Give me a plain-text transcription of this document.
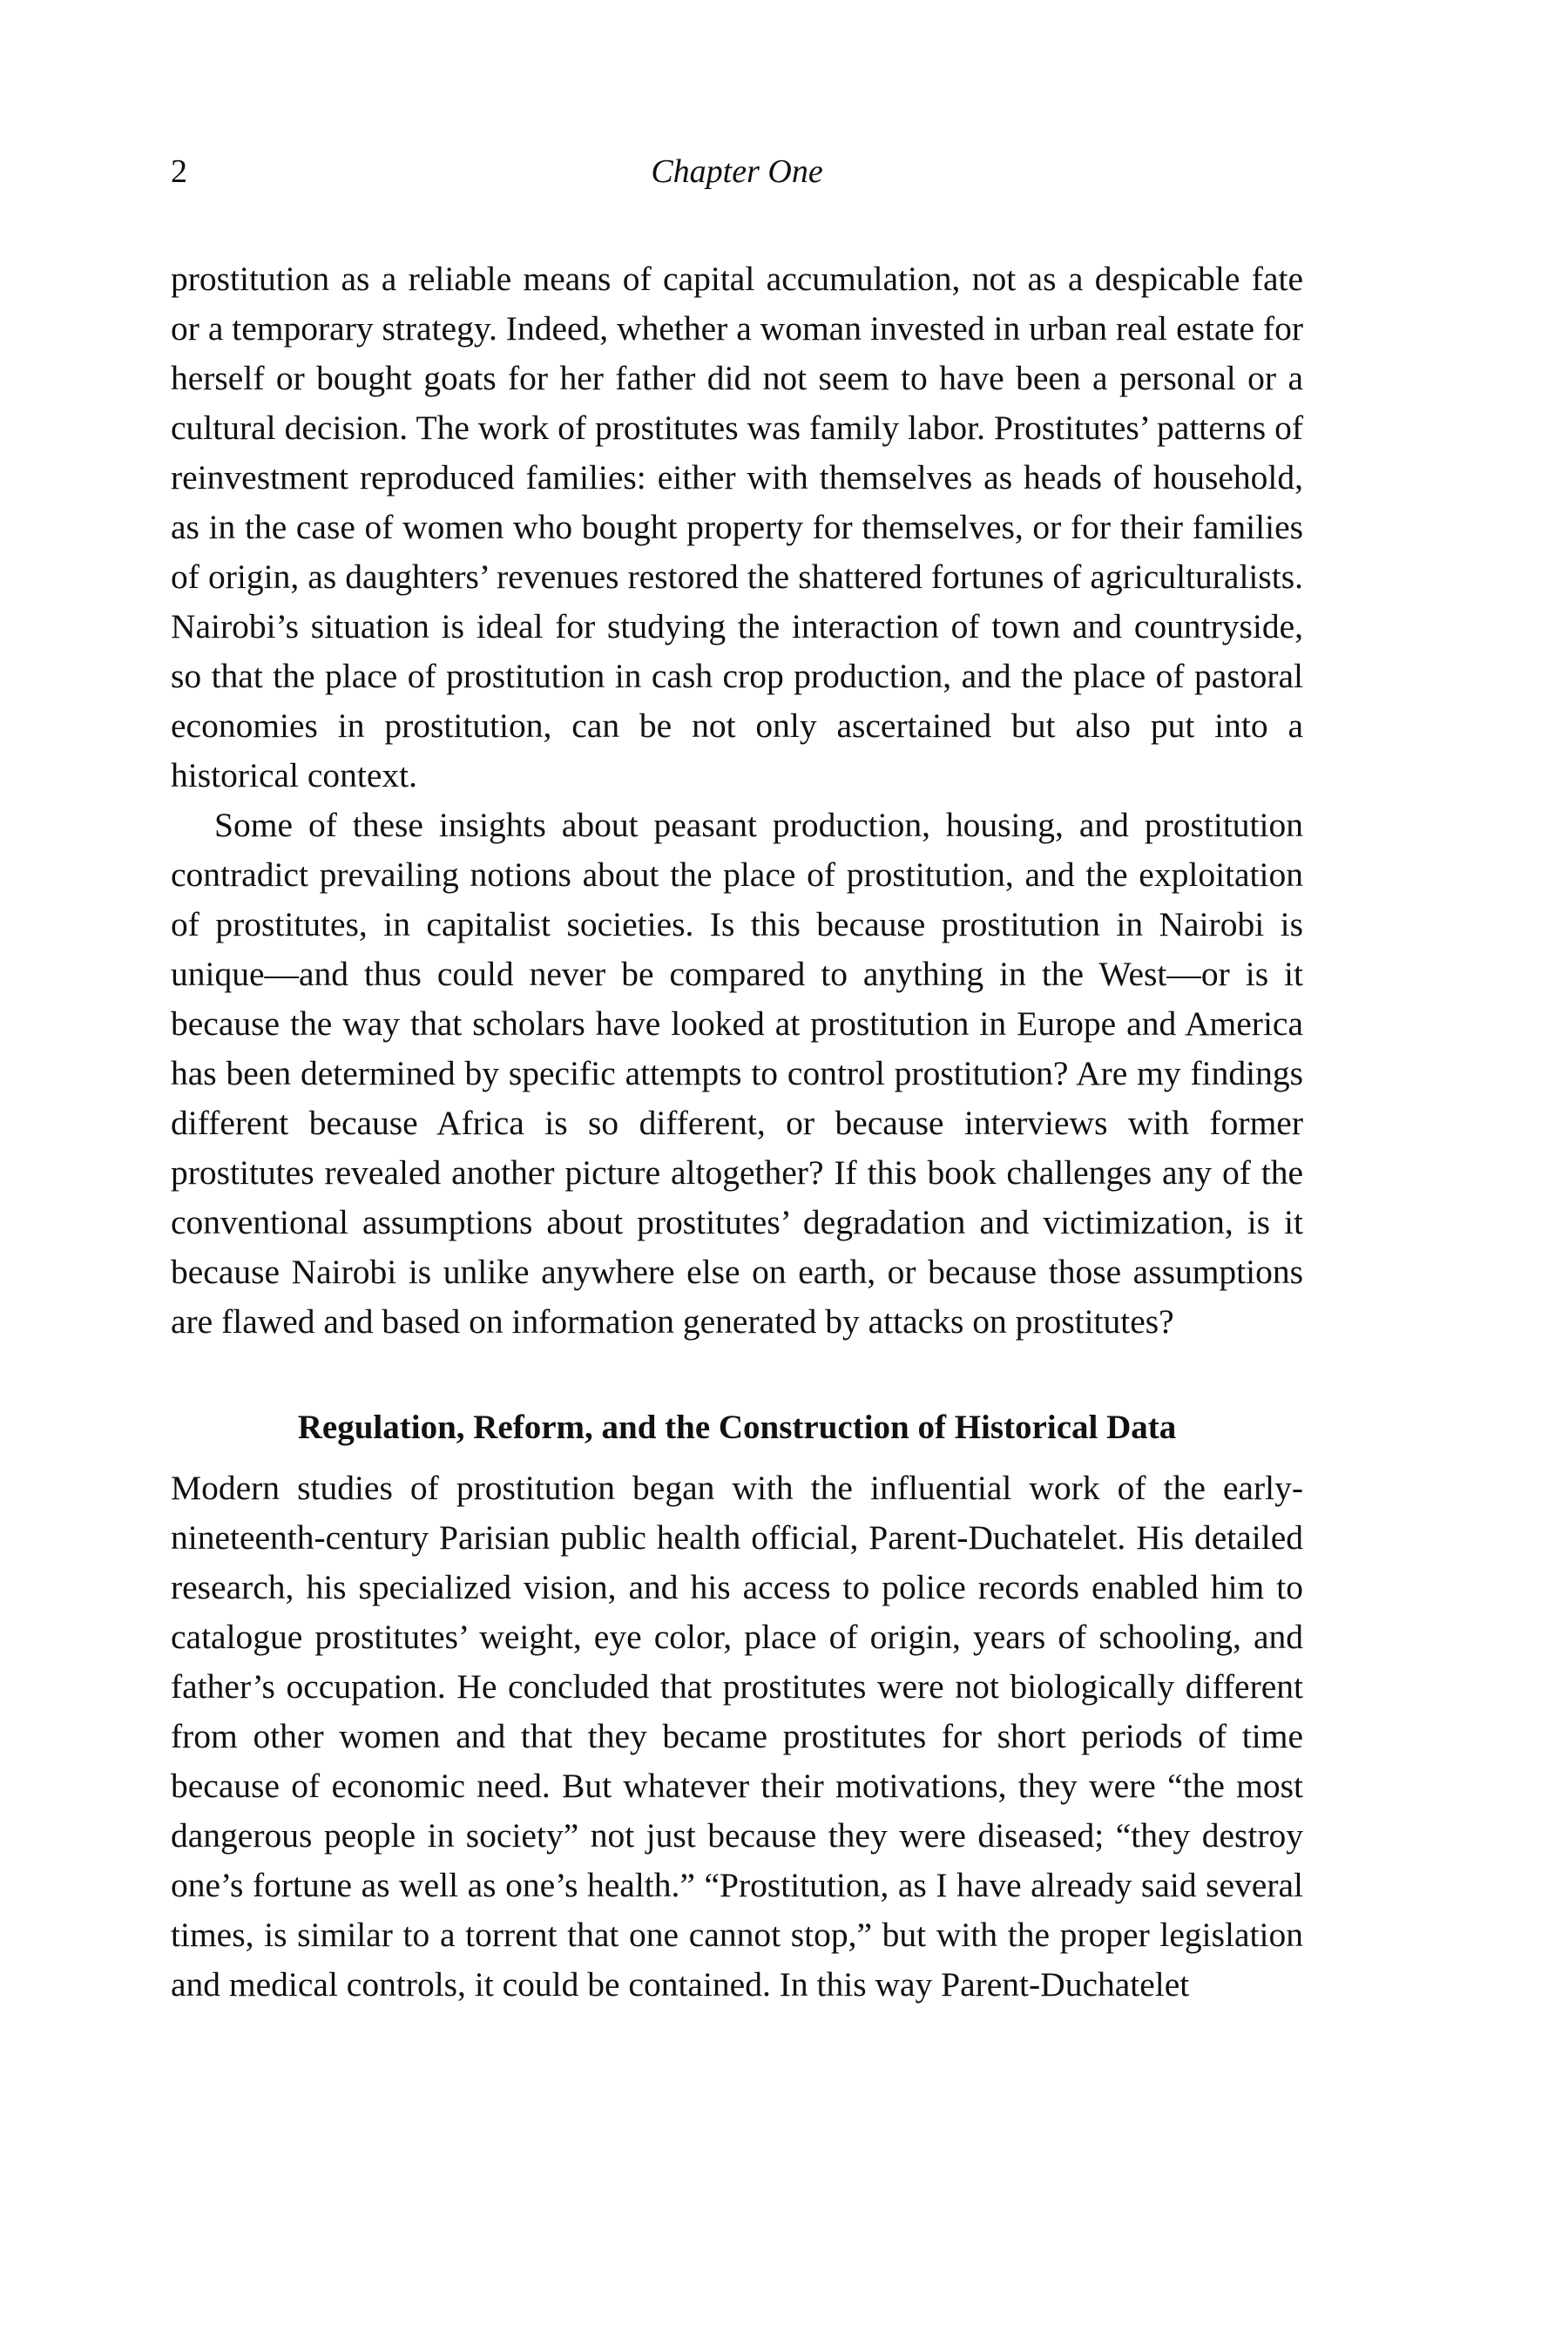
2	Chapter One

prostitution as a reliable means of capital accumulation, not as a despicable fate or a temporary strategy. Indeed, whether a woman invested in urban real estate for herself or bought goats for her father did not seem to have been a personal or a cultural decision. The work of prostitutes was family labor. Prostitutes’ patterns of reinvestment reproduced families: either with themselves as heads of household, as in the case of women who bought property for themselves, or for their families of origin, as daughters’ revenues restored the shattered fortunes of agriculturalists. Nairobi’s situation is ideal for studying the interaction of town and countryside, so that the place of prostitution in cash crop production, and the place of pastoral economies in prostitution, can be not only ascertained but also put into a historical context.

Some of these insights about peasant production, housing, and prostitution contradict prevailing notions about the place of prostitution, and the exploitation of prostitutes, in capitalist societies. Is this because prostitution in Nairobi is unique—and thus could never be compared to anything in the West—or is it because the way that scholars have looked at prostitution in Europe and America has been determined by specific attempts to control prostitution? Are my findings different because Africa is so different, or because interviews with former prostitutes revealed another picture altogether? If this book challenges any of the conventional assumptions about prostitutes’ degradation and victimization, is it because Nairobi is unlike anywhere else on earth, or because those assumptions are flawed and based on information generated by attacks on prostitutes?

Regulation, Reform, and the Construction of Historical Data

Modern studies of prostitution began with the influential work of the early-nineteenth-century Parisian public health official, Parent-Duchatelet. His detailed research, his specialized vision, and his access to police records enabled him to catalogue prostitutes’ weight, eye color, place of origin, years of schooling, and father’s occupation. He concluded that prostitutes were not biologically different from other women and that they became prostitutes for short periods of time because of economic need. But whatever their motivations, they were “the most dangerous people in society” not just because they were diseased; “they destroy one’s fortune as well as one’s health.” “Prostitution, as I have already said several times, is similar to a torrent that one cannot stop,” but with the proper legislation and medical controls, it could be contained. In this way Parent-Duchatelet
